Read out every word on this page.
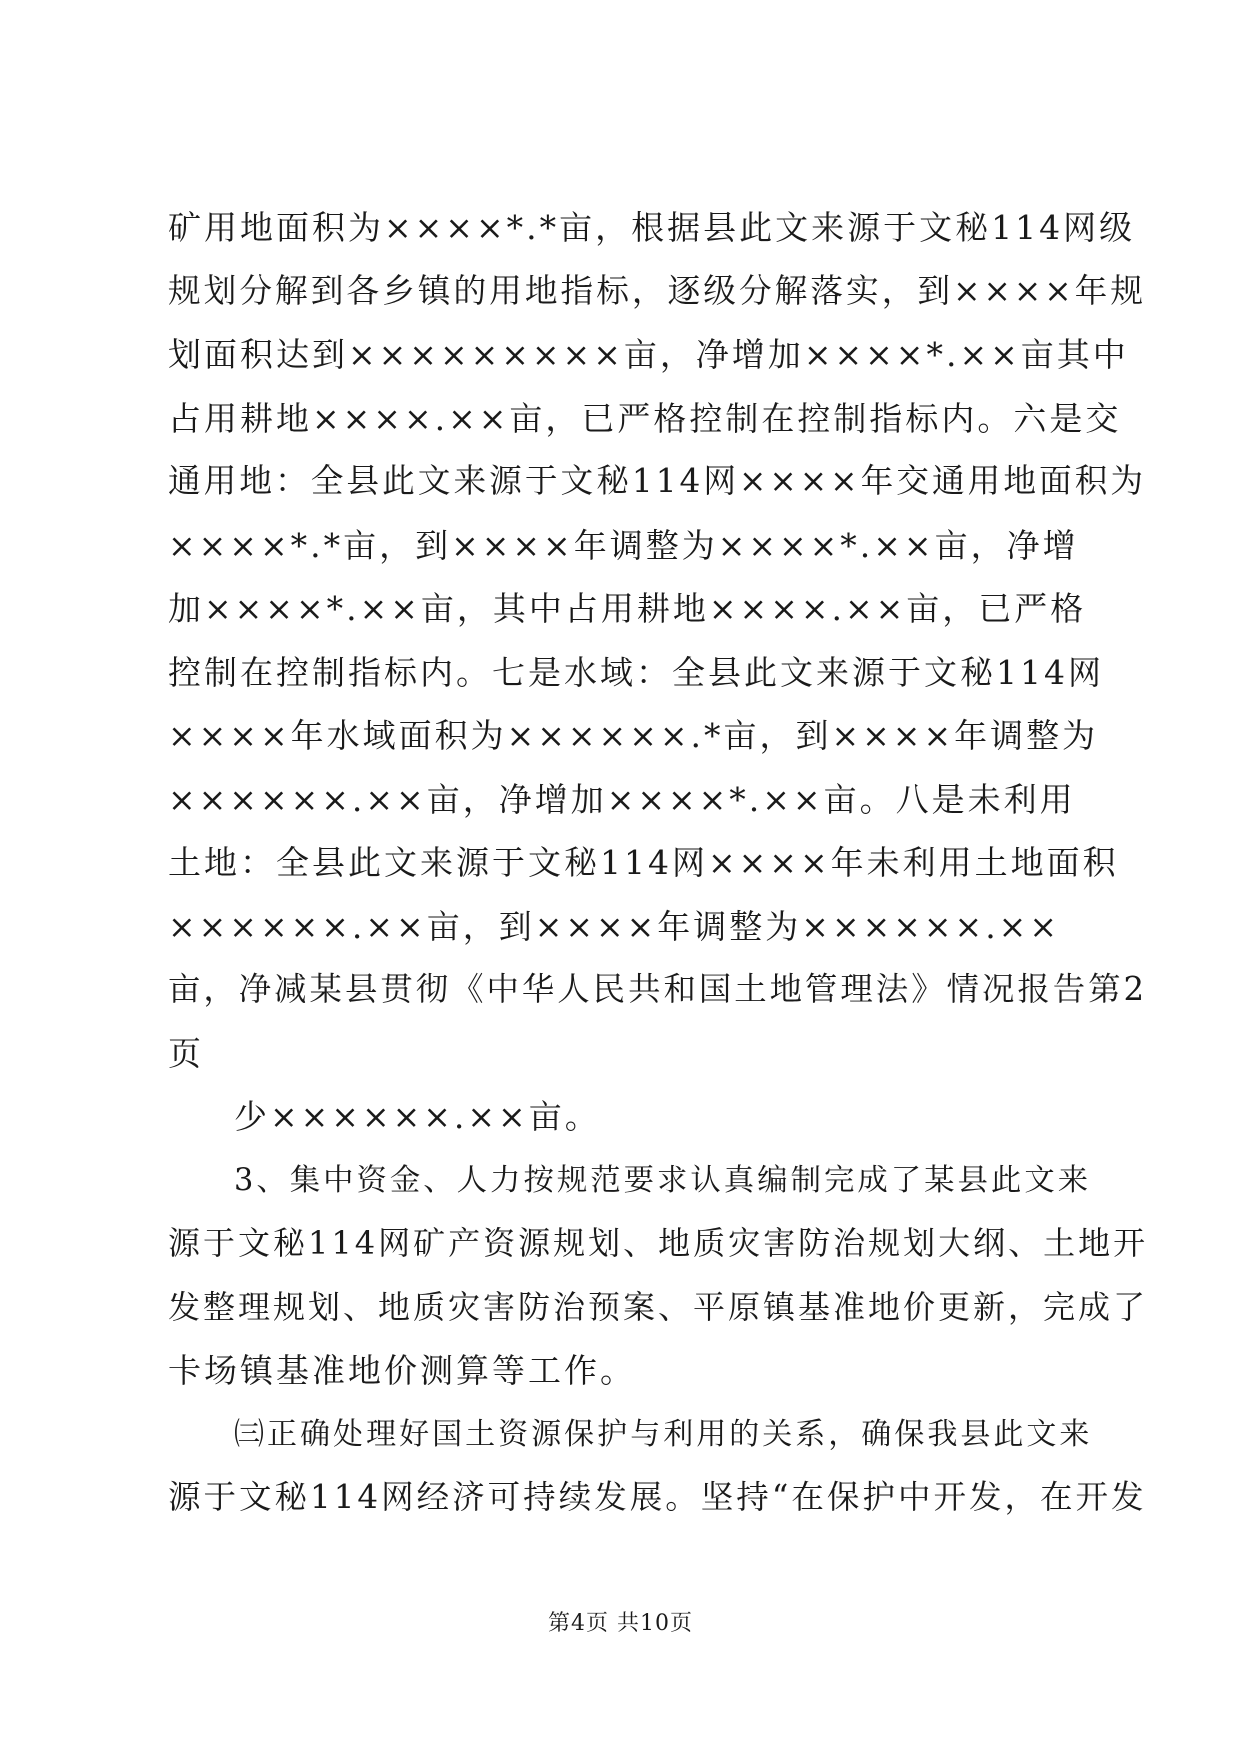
矿用地面积为××××*.*亩，根据县此文来源于文秘114网级
规划分解到各乡镇的用地指标，逐级分解落实，到××××年规
划面积达到×××××××××亩，净增加××××*.××亩其中
占用耕地××××.××亩，已严格控制在控制指标内。六是交
通用地：全县此文来源于文秘114网××××年交通用地面积为
××××*.*亩，到××××年调整为××××*.××亩，净增
加××××*.××亩，其中占用耕地××××.××亩，已严格
控制在控制指标内。七是水域：全县此文来源于文秘114网
××××年水域面积为××××××.*亩，到××××年调整为
××××××.××亩，净增加××××*.××亩。八是未利用
土地：全县此文来源于文秘114网××××年未利用土地面积
××××××.××亩，到××××年调整为××××××.××
亩，净减某县贯彻《中华人民共和国土地管理法》情况报告第2
页
少××××××.××亩。
3、集中资金、人力按规范要求认真编制完成了某县此文来
源于文秘114网矿产资源规划、地质灾害防治规划大纲、土地开
发整理规划、地质灾害防治预案、平原镇基准地价更新，完成了
卡场镇基准地价测算等工作。
㈢正确处理好国土资源保护与利用的关系，确保我县此文来
源于文秘114网经济可持续发展。坚持“在保护中开发，在开发
第4页 共10页
